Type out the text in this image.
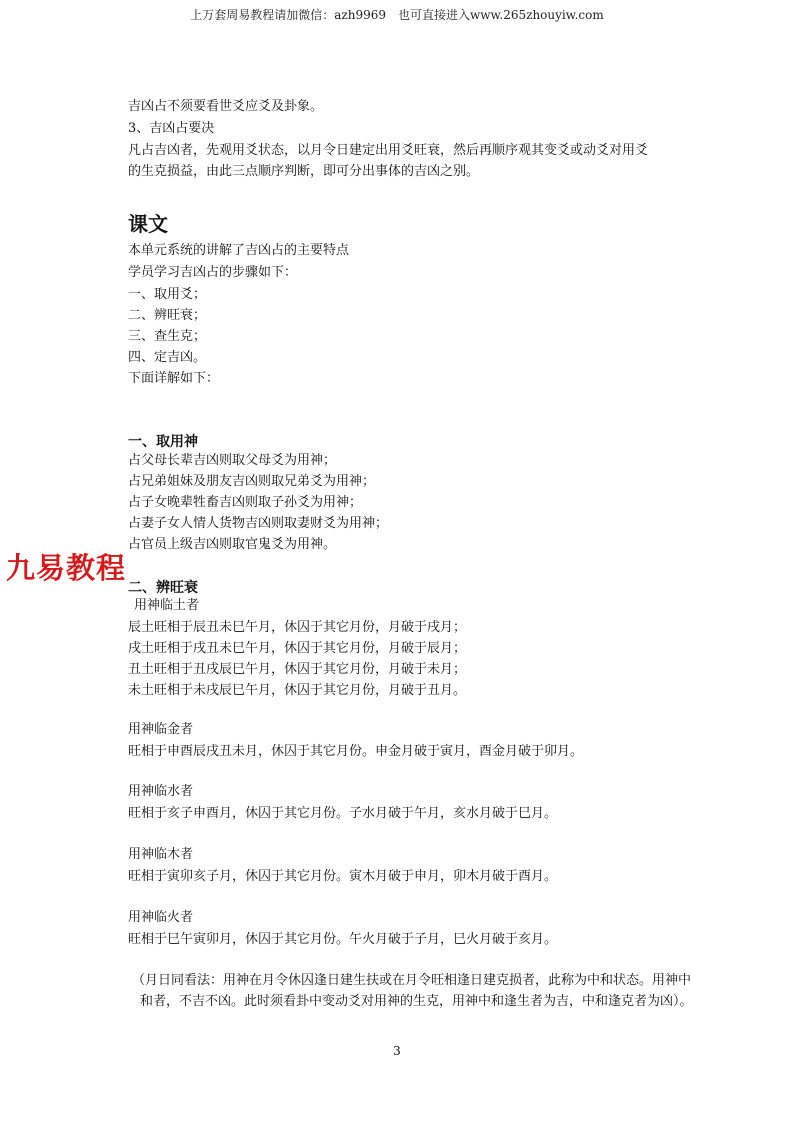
上万套周易教程请加微信：azh9969　也可直接进入www.265zhouyiw.com
吉凶占不须要看世爻应爻及卦象。
3、吉凶占要决
凡占吉凶者，先观用爻状态，以月令日建定出用爻旺衰，然后再顺序观其变爻或动爻对用爻
的生克损益，由此三点顺序判断，即可分出事体的吉凶之别。
课文
本单元系统的讲解了吉凶占的主要特点
学员学习吉凶占的步骤如下：
一、取用爻；
二、辨旺衰；
三、查生克；
四、定吉凶。
下面详解如下：
一、取用神
占父母长辈吉凶则取父母爻为用神；
占兄弟姐妹及朋友吉凶则取兄弟爻为用神；
占子女晚辈牲畜吉凶则取子孙爻为用神；
占妻子女人情人货物吉凶则取妻财爻为用神；
占官员上级吉凶则取官鬼爻为用神。
九易教程
二、辨旺衰
用神临土者
辰土旺相于辰丑未巳午月，休囚于其它月份，月破于戌月；
戌土旺相于戌丑未巳午月，休囚于其它月份，月破于辰月；
丑土旺相于丑戌辰巳午月，休囚于其它月份，月破于未月；
未土旺相于未戌辰巳午月，休囚于其它月份，月破于丑月。
用神临金者
旺相于申酉辰戌丑未月，休囚于其它月份。申金月破于寅月，酉金月破于卯月。
用神临水者
旺相于亥子申酉月，休囚于其它月份。子水月破于午月，亥水月破于巳月。
用神临木者
旺相于寅卯亥子月，休囚于其它月份。寅木月破于申月，卯木月破于酉月。
用神临火者
旺相于巳午寅卯月，休囚于其它月份。午火月破于子月，巳火月破于亥月。
（月日同看法：用神在月令休囚逢日建生扶或在月令旺相逢日建克损者，此称为中和状态。用神中
和者，不吉不凶。此时须看卦中变动爻对用神的生克，用神中和逢生者为吉，中和逢克者为凶）。
3
